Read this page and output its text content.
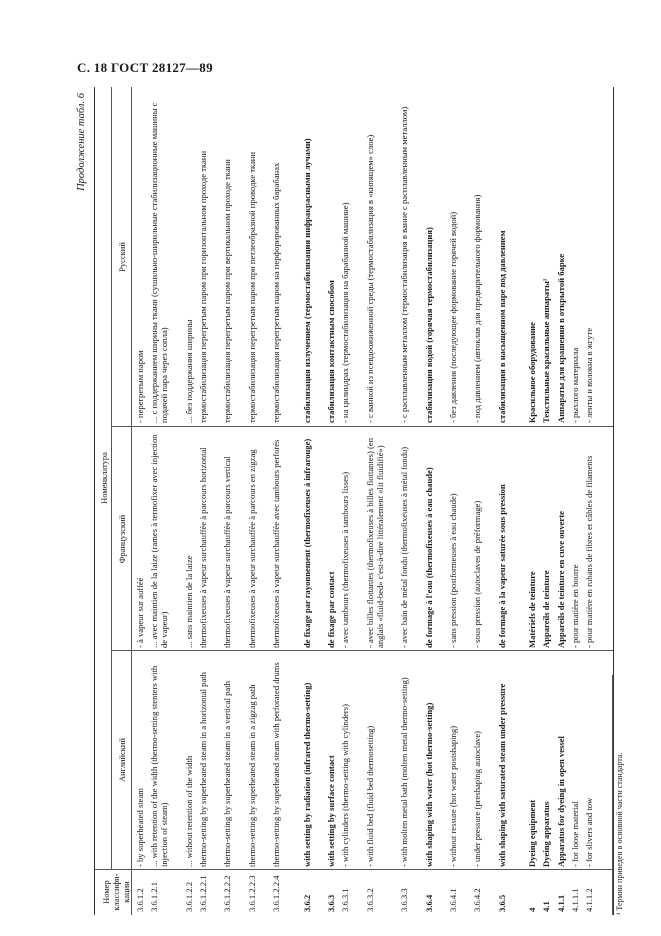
С. 18 ГОСТ 28127—89
Продолжение табл. 6
Номер классифи-кации
Номенклатура
Английский
Французский
Русский
3.6.1.2
- by superheated steam
- à vapeur sur aufféé
- перегретым паром
3.6.1.2.1
... with retention of the width (thermo-setting stenters with injection of steam)
... avec maintien de la laize (rames à termofixer avec injection de vapeur)
... с поддержанием ширины ткани (сушильно-ширильные стабилизационные машины с подачей пара через сопла)
3.6.1.2.2
... without retention of the width
... sans maintien de la laize
... без поддержания ширины
3.6.1.2.2.1
thermo-setting by superheated steam in a horizontal path
thermofixeuses à vapeur surchauffée à parcours horizontal
термостабилизация перегретым паром при горизонтальном проходе ткани
3.6.1.2.2.2
thermo-setting by superheated steam in a vertical path
thermofixeuses à vapeur surchauffée à parcours vertical
термостабилизация перегретым паром при вертикальном проходе ткани
3.6.1.2.2.3
thermo-setting by superheated steam in a zigzag path
thermofixeuses à vapeur surchauffée à parcours en zigzag
термостабилизация перегретым паром при петлеобразной проводке ткани
3.6.1.2.2.4
thermo-setting by superheated steam with perforated drums
thermofixeuses à vapeur surchauffée avec tambours perforés
термостабилизация перегретым паром на перфорированных барабанах
3.6.2
with setting by radiation (infrared thermo-setting)
de fixage par rayonnement (thermofixeuses à infrarouge)
стабилизация излучением (термостабилизация инфракрасными лучами)
3.6.3
with setting by surface contact
de fixage par contact
стабилизация контактным способом
3.6.3.1
- with cylinders (thermo-setting with cylinders)
- avec tambours (thermofixeuses à tambours lisses)
- на цилиндрах (термостабилизация на барабанной машине)
3.6.3.2
- with fluid bed (fluid bed thermosetting)
- avec billes flottantes (thermofixeuses à billes flottantes) (en anglais «fluid-bed» c'est-à-dire littéralement «lit fluidifié»)
- с ванной из псевдоожиженной среды (термостабилизация в «кипящем» слое)
3.6.3.3
- with molten metal bath (molten metal thermo-setting)
- avec bain de métal fondu (thermofixeuses à métal fondu)
- с расплавленным металлом (термостабилизация в ванне с расплавленным металлом)
3.6.4
with shaping with water (hot thermo-setting)
de formage à l'eau (thermofixeuses à eau chaude)
стабилизация водой (горячая термостабилизация)
3.6.4.1
- without ressure (hot water postshaping)
- sans pression (postformeuses à eau chaude)
- без давления (последующее формование горячей водой)
3.6.4.2
- under pressure (preshaping autoclave)
- sous pression (autoclaves de préformage)
- под давлением (автоклав для предварительного формования)
3.6.5
with shaping with saturated steam under pressure
de formage à la vapeur saturée sous pression
стабилизация в насыщенном паре под давлением
4
Dyeing equipment
Matériels de teinture
Красильное оборудование
4.1
Dyeing apparatus
Appareils de teinture
Текстильные красильные аппараты¹
4.1.1
Apparatus for dyeing in open vessel
Appareils de teinture en cuve ouverte
Аппараты для крашения в открытой барке
4.1.1.1
- for loose material
- pour matière en bourre
- рыхлого материала
4.1.1.2
- for slivers and tow
- pour matière en rubans de fibres et câbles de filaments
- ленты и волокна в жгуте
¹ Термин приведен в основной части стандарта.
